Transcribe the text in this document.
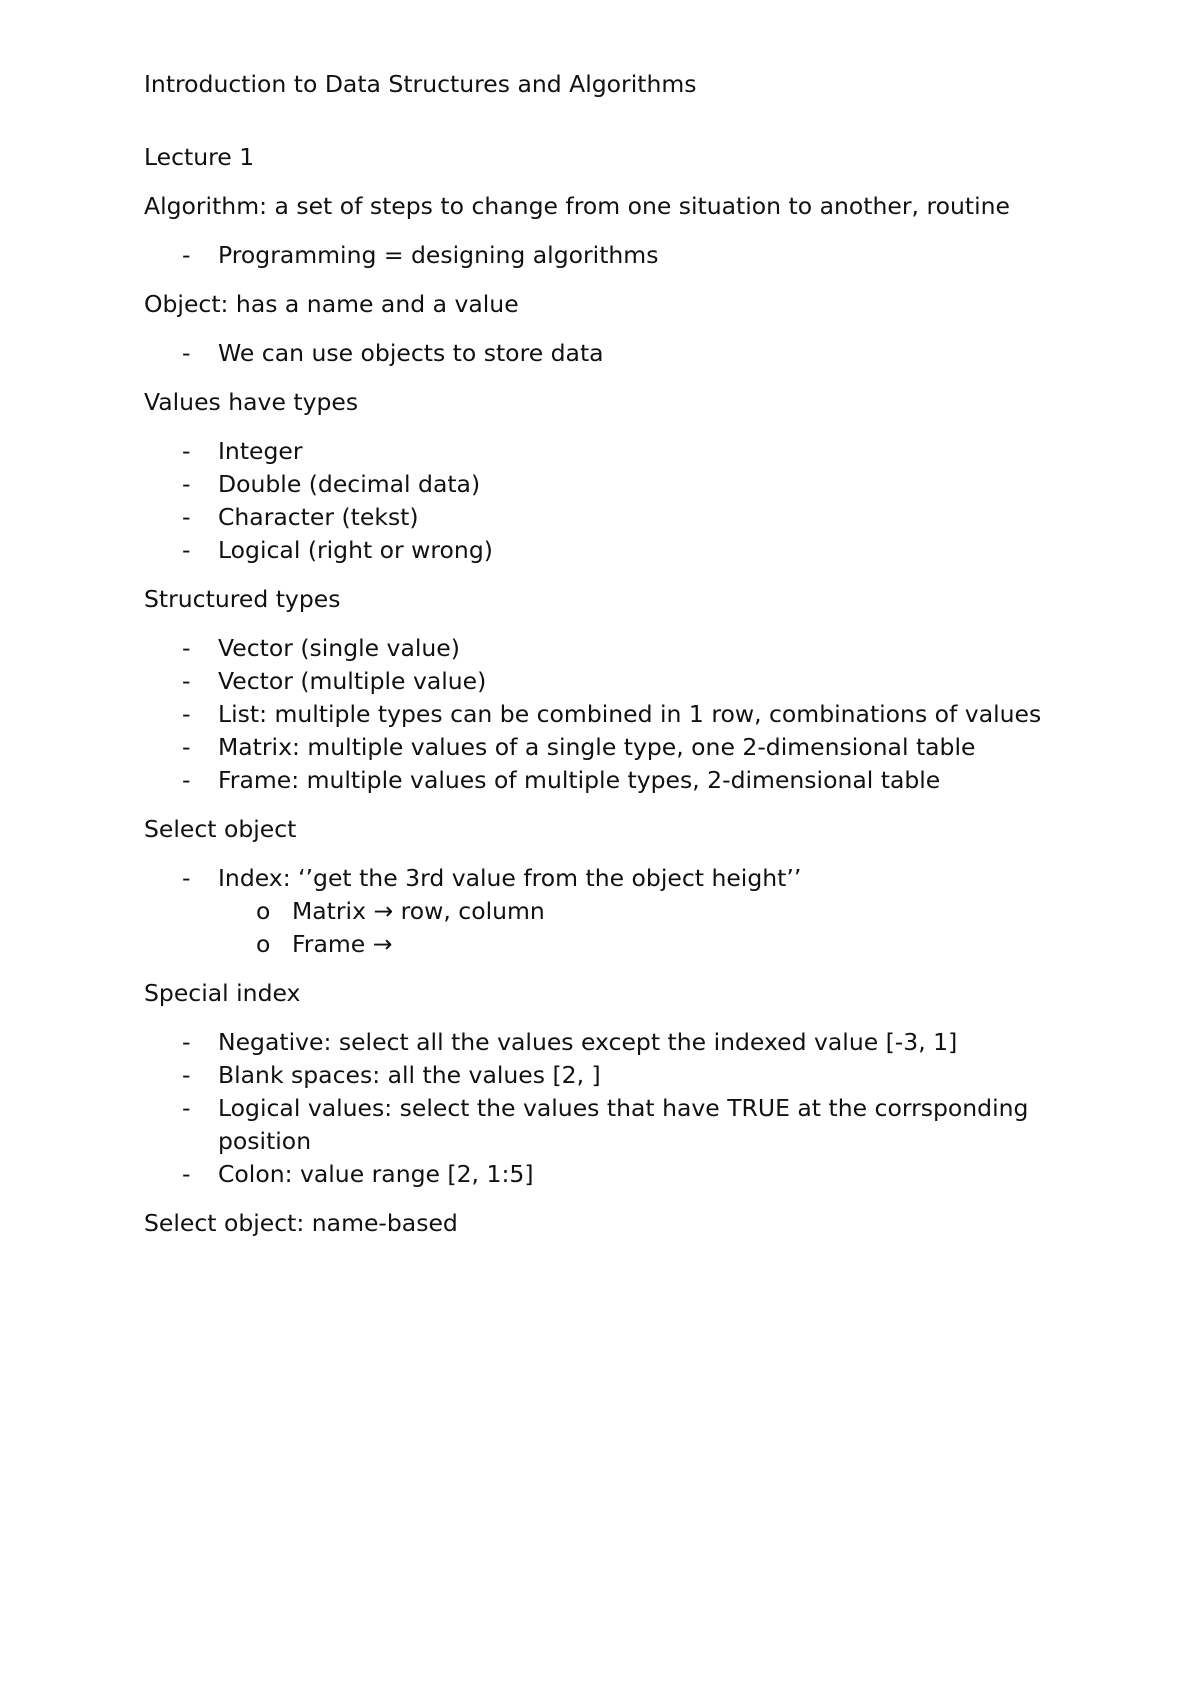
Introduction to Data Structures and Algorithms
Lecture 1
Algorithm: a set of steps to change from one situation to another, routine
- Programming = designing algorithms
Object: has a name and a value
- We can use objects to store data
Values have types
- Integer
- Double (decimal data)
- Character (tekst)
- Logical (right or wrong)
Structured types
- Vector (single value)
- Vector (multiple value)
- List: multiple types can be combined in 1 row, combinations of values
- Matrix: multiple values of a single type, one 2-dimensional table
- Frame: multiple values of multiple types, 2-dimensional table
Select object
- Index: ‘’get the 3rd value from the object height’’
o Matrix → row, column
o Frame →
Special index
- Negative: select all the values except the indexed value [-3, 1]
- Blank spaces: all the values [2, ]
- Logical values: select the values that have TRUE at the corrsponding position
- Colon: value range [2, 1:5]
Select object: name-based
